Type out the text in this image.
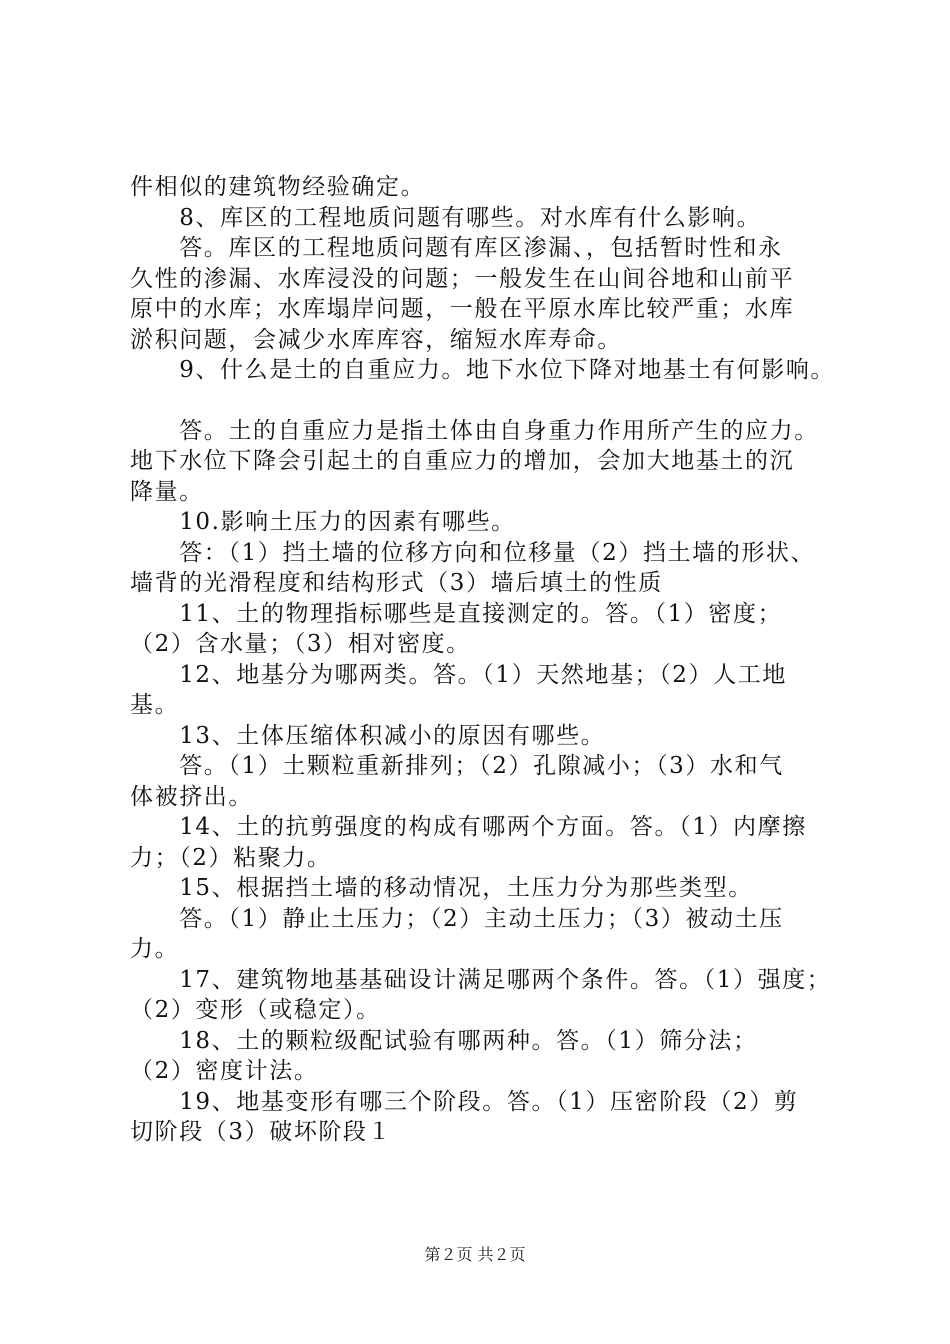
件相似的建筑物经验确定。
　　8、库区的工程地质问题有哪些。对水库有什么影响。
　　答。库区的工程地质问题有库区渗漏、，包括暂时性和永
久性的渗漏、水库浸没的问题；一般发生在山间谷地和山前平
原中的水库；水库塌岸问题，一般在平原水库比较严重；水库
淤积问题，会减少水库库容，缩短水库寿命。
　　9、什么是土的自重应力。地下水位下降对地基土有何影响。
　　答。土的自重应力是指土体由自身重力作用所产生的应力。
地下水位下降会引起土的自重应力的增加，会加大地基土的沉
降量。
　　10.影响土压力的因素有哪些。
　　答：（1）挡土墙的位移方向和位移量（2）挡土墙的形状、
墙背的光滑程度和结构形式（3）墙后填土的性质
　　11、土的物理指标哪些是直接测定的。答。（1）密度；
（2）含水量；（3）相对密度。
　　12、地基分为哪两类。答。（1）天然地基；（2）人工地
基。
　　13、土体压缩体积减小的原因有哪些。
　　答。（1）土颗粒重新排列；（2）孔隙减小；（3）水和气
体被挤出。
　　14、土的抗剪强度的构成有哪两个方面。答。（1）内摩擦
力；（2）粘聚力。
　　15、根据挡土墙的移动情况，土压力分为那些类型。
　　答。（1）静止土压力；（2）主动土压力；（3）被动土压
力。
　　17、建筑物地基基础设计满足哪两个条件。答。（1）强度；
（2）变形（或稳定）。
　　18、土的颗粒级配试验有哪两种。答。（1）筛分法；
（2）密度计法。
　　19、地基变形有哪三个阶段。答。（1）压密阶段（2）剪
切阶段（3）破坏阶段１
第２页 共２页
